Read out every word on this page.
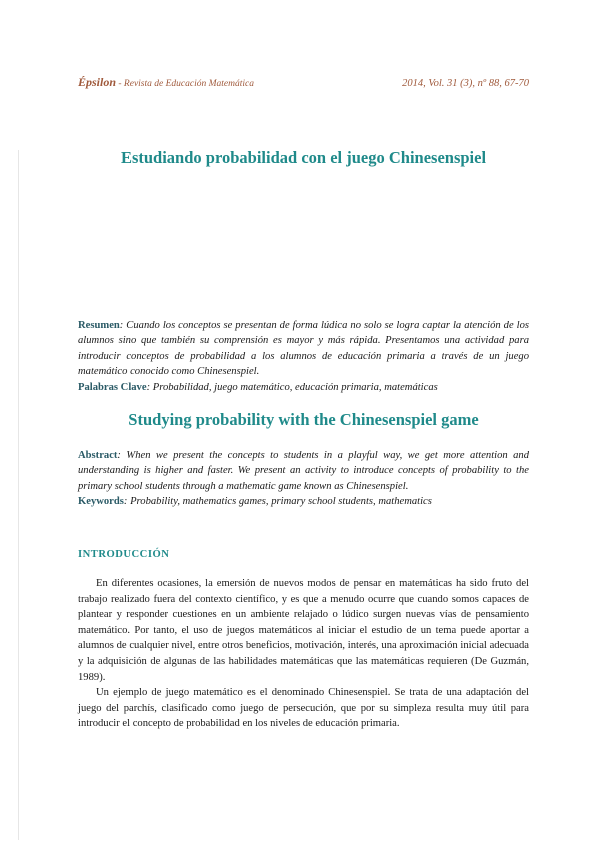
Épsilon - Revista de Educación Matemática	2014, Vol. 31 (3), nº 88, 67-70
Estudiando probabilidad con el juego Chinesenspiel

Resumen: Cuando los conceptos se presentan de forma lúdica no solo se logra captar la atención de los alumnos sino que también su comprensión es mayor y más rápida. Presentamos una actividad para introducir conceptos de probabilidad a los alumnos de educación primaria a través de un juego matemático conocido como Chinesenspiel.

Palabras Clave: Probabilidad, juego matemático, educación primaria, matemáticas

Studying probability with the Chinesenspiel game

Abstract: When we present the concepts to students in a playful way, we get more attention and understanding is higher and faster. We present an activity to introduce concepts of probability to the primary school students through a mathematic game known as Chinesenspiel.

Keywords: Probability, mathematics games, primary school students, mathematics

INTRODUCCIÓN

En diferentes ocasiones, la emersión de nuevos modos de pensar en matemáticas ha sido fruto del trabajo realizado fuera del contexto científico, y es que a menudo ocurre que cuando somos capaces de plantear y responder cuestiones en un ambiente relajado o lúdico surgen nuevas vías de pensamiento matemático. Por tanto, el uso de juegos matemáticos al iniciar el estudio de un tema puede aportar a alumnos de cualquier nivel, entre otros beneficios, motivación, interés, una aproximación inicial adecuada y la adquisición de algunas de las habilidades matemáticas que las matemáticas requieren (De Guzmán, 1989).

Un ejemplo de juego matemático es el denominado Chinesenspiel. Se trata de una adaptación del juego del parchís, clasificado como juego de persecución, que por su simpleza resulta muy útil para introducir el concepto de probabilidad en los niveles de educación primaria.
